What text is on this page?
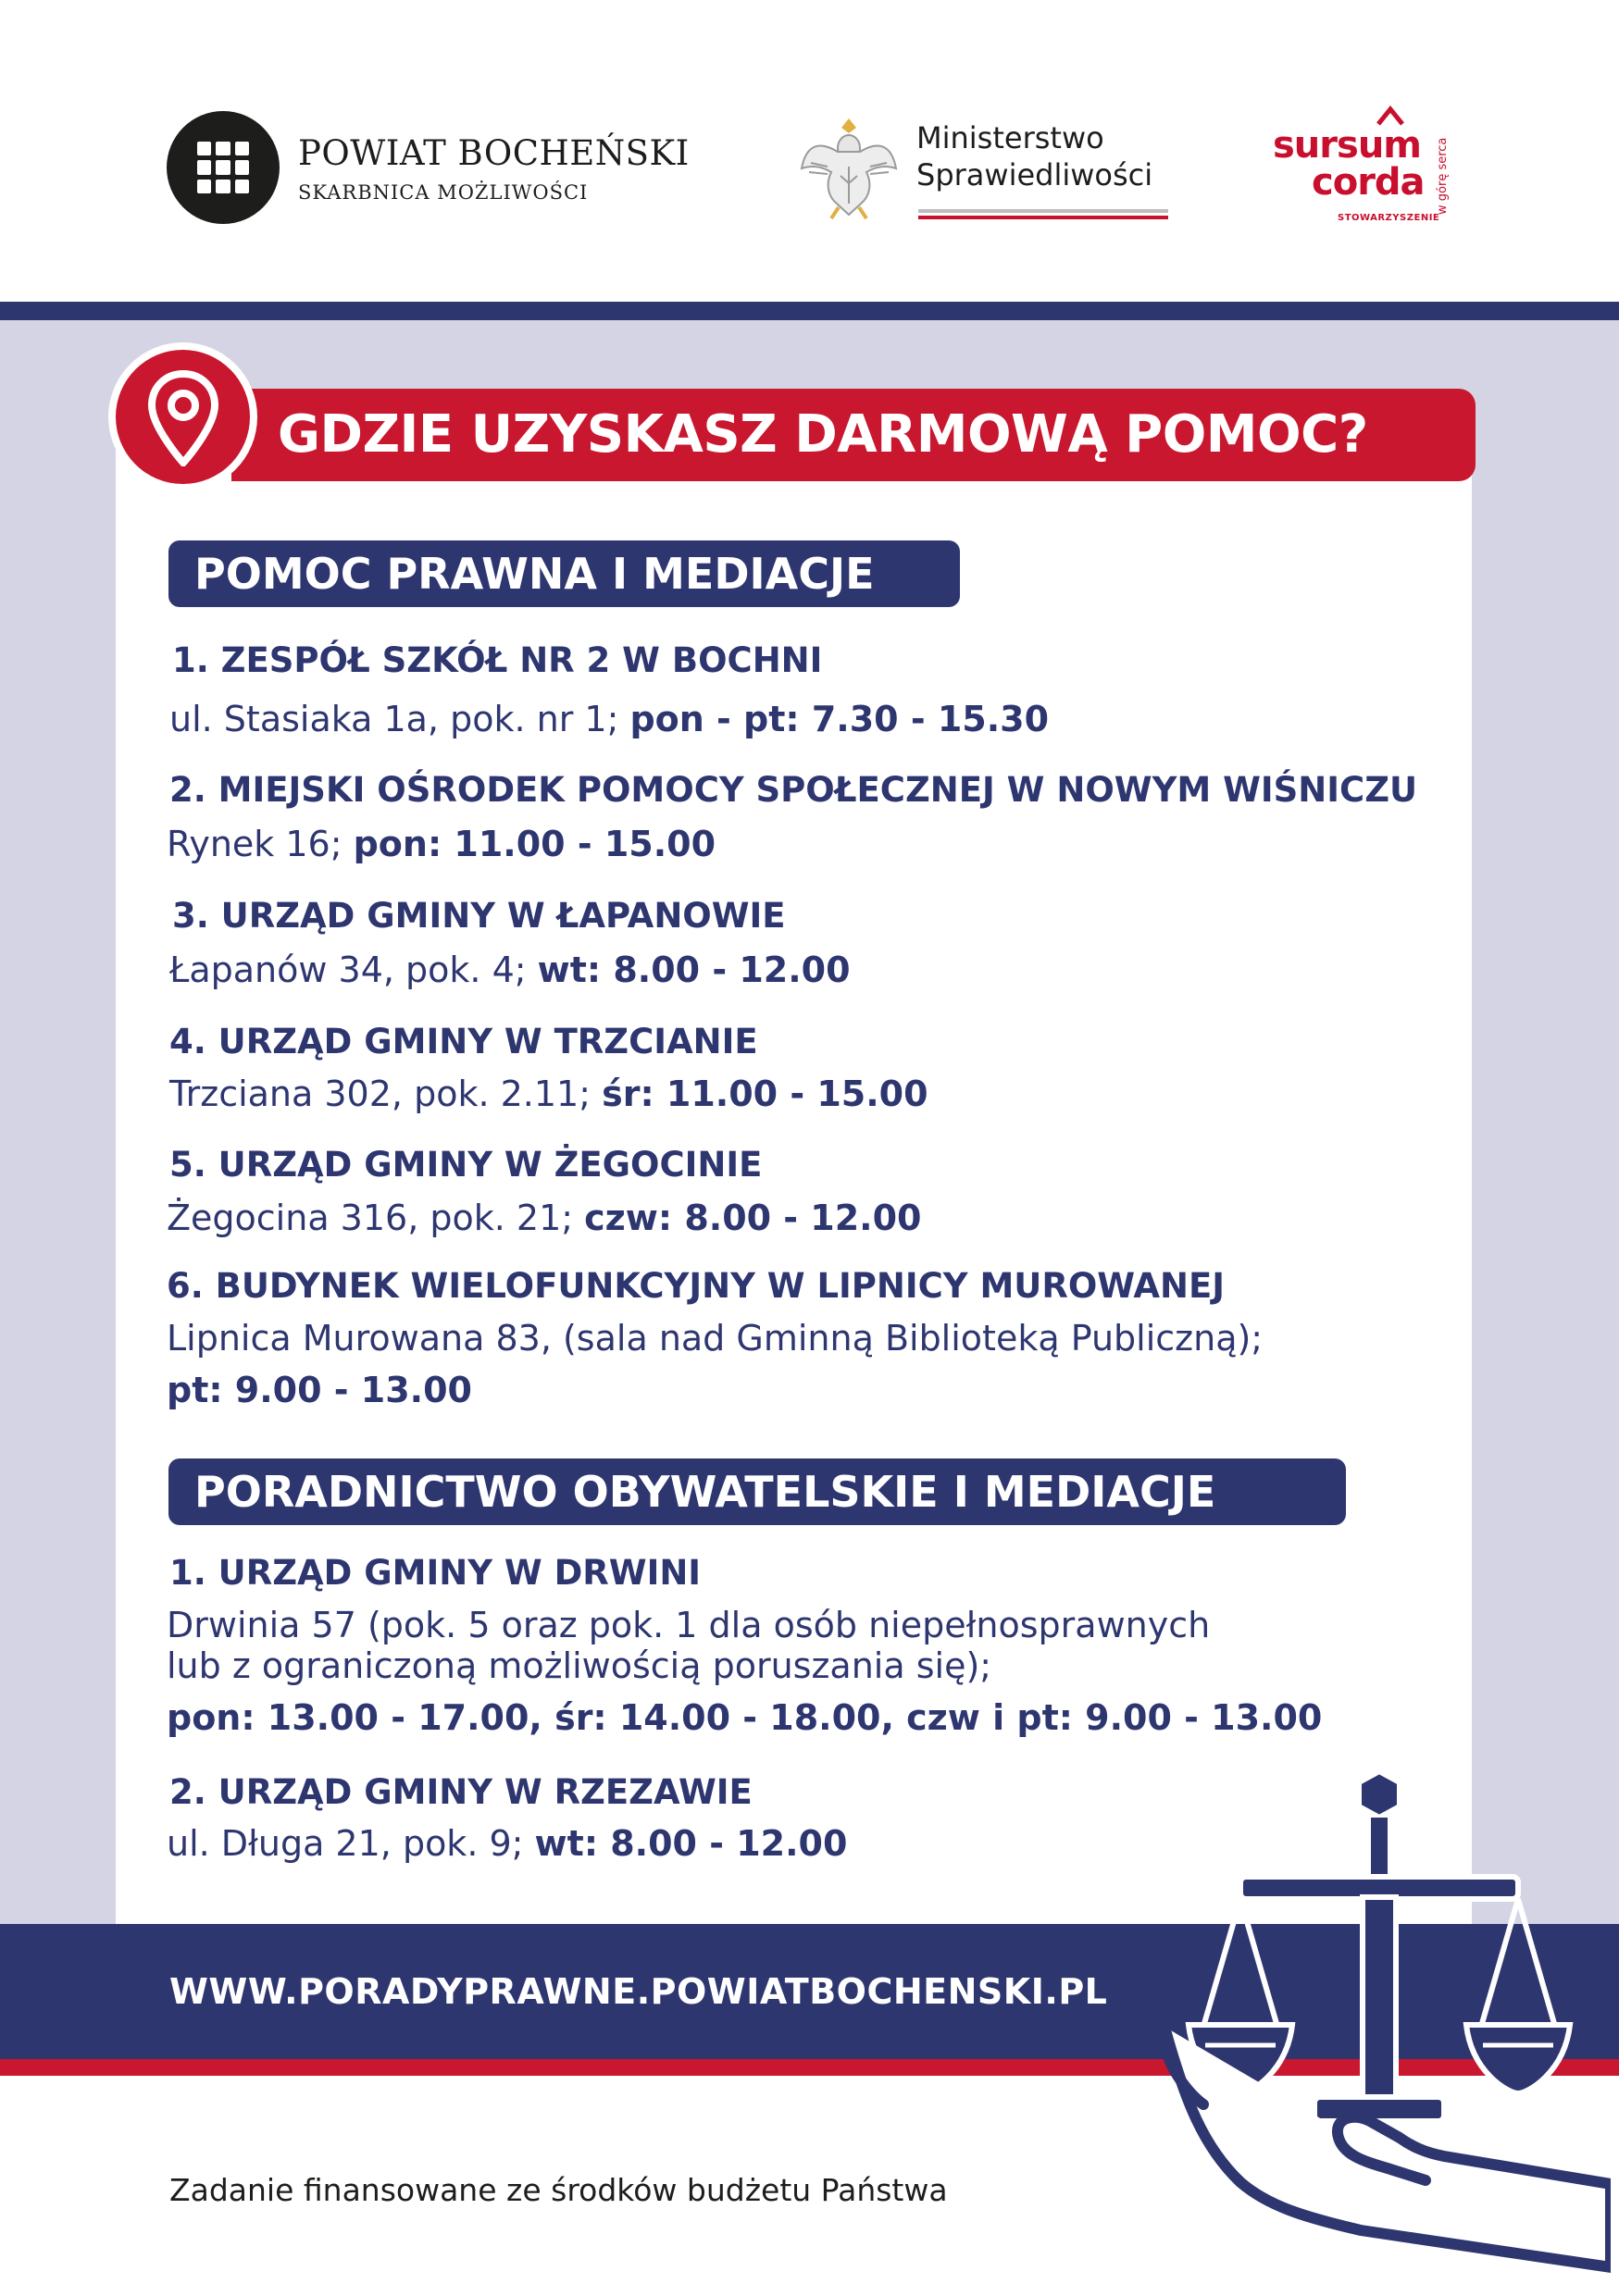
POWIAT BOCHEŃSKI
SKARBNICA MOŻLIWOŚCI
Ministerstwo
Sprawiedliwości
sursum
corda
STOWARZYSZENIE
w górę serca
GDZIE UZYSKASZ DARMOWĄ POMOC?
POMOC PRAWNA I MEDIACJE
1. ZESPÓŁ SZKÓŁ NR 2 W BOCHNI
ul. Stasiaka 1a, pok. nr 1; pon - pt: 7.30 - 15.30
2. MIEJSKI OŚRODEK POMOCY SPOŁECZNEJ W NOWYM WIŚNICZU
Rynek 16; pon: 11.00 - 15.00
3. URZĄD GMINY W ŁAPANOWIE
Łapanów 34, pok. 4; wt: 8.00 - 12.00
4. URZĄD GMINY W TRZCIANIE
Trzciana 302, pok. 2.11; śr: 11.00 - 15.00
5. URZĄD GMINY W ŻEGOCINIE
Żegocina 316, pok. 21; czw: 8.00 - 12.00
6. BUDYNEK WIELOFUNKCYJNY W LIPNICY MUROWANEJ
Lipnica Murowana 83, (sala nad Gminną Biblioteką Publiczną);
pt: 9.00 - 13.00
PORADNICTWO OBYWATELSKIE I MEDIACJE
1. URZĄD GMINY W DRWINI
Drwinia 57 (pok. 5 oraz pok. 1 dla osób niepełnosprawnych
lub z ograniczoną możliwością poruszania się);
pon: 13.00 - 17.00, śr: 14.00 - 18.00, czw i pt: 9.00 - 13.00
2. URZĄD GMINY W RZEZAWIE
ul. Długa 21, pok. 9; wt: 8.00 - 12.00
WWW.PORADYPRAWNE.POWIATBOCHENSKI.PL
Zadanie finansowane ze środków budżetu Państwa
